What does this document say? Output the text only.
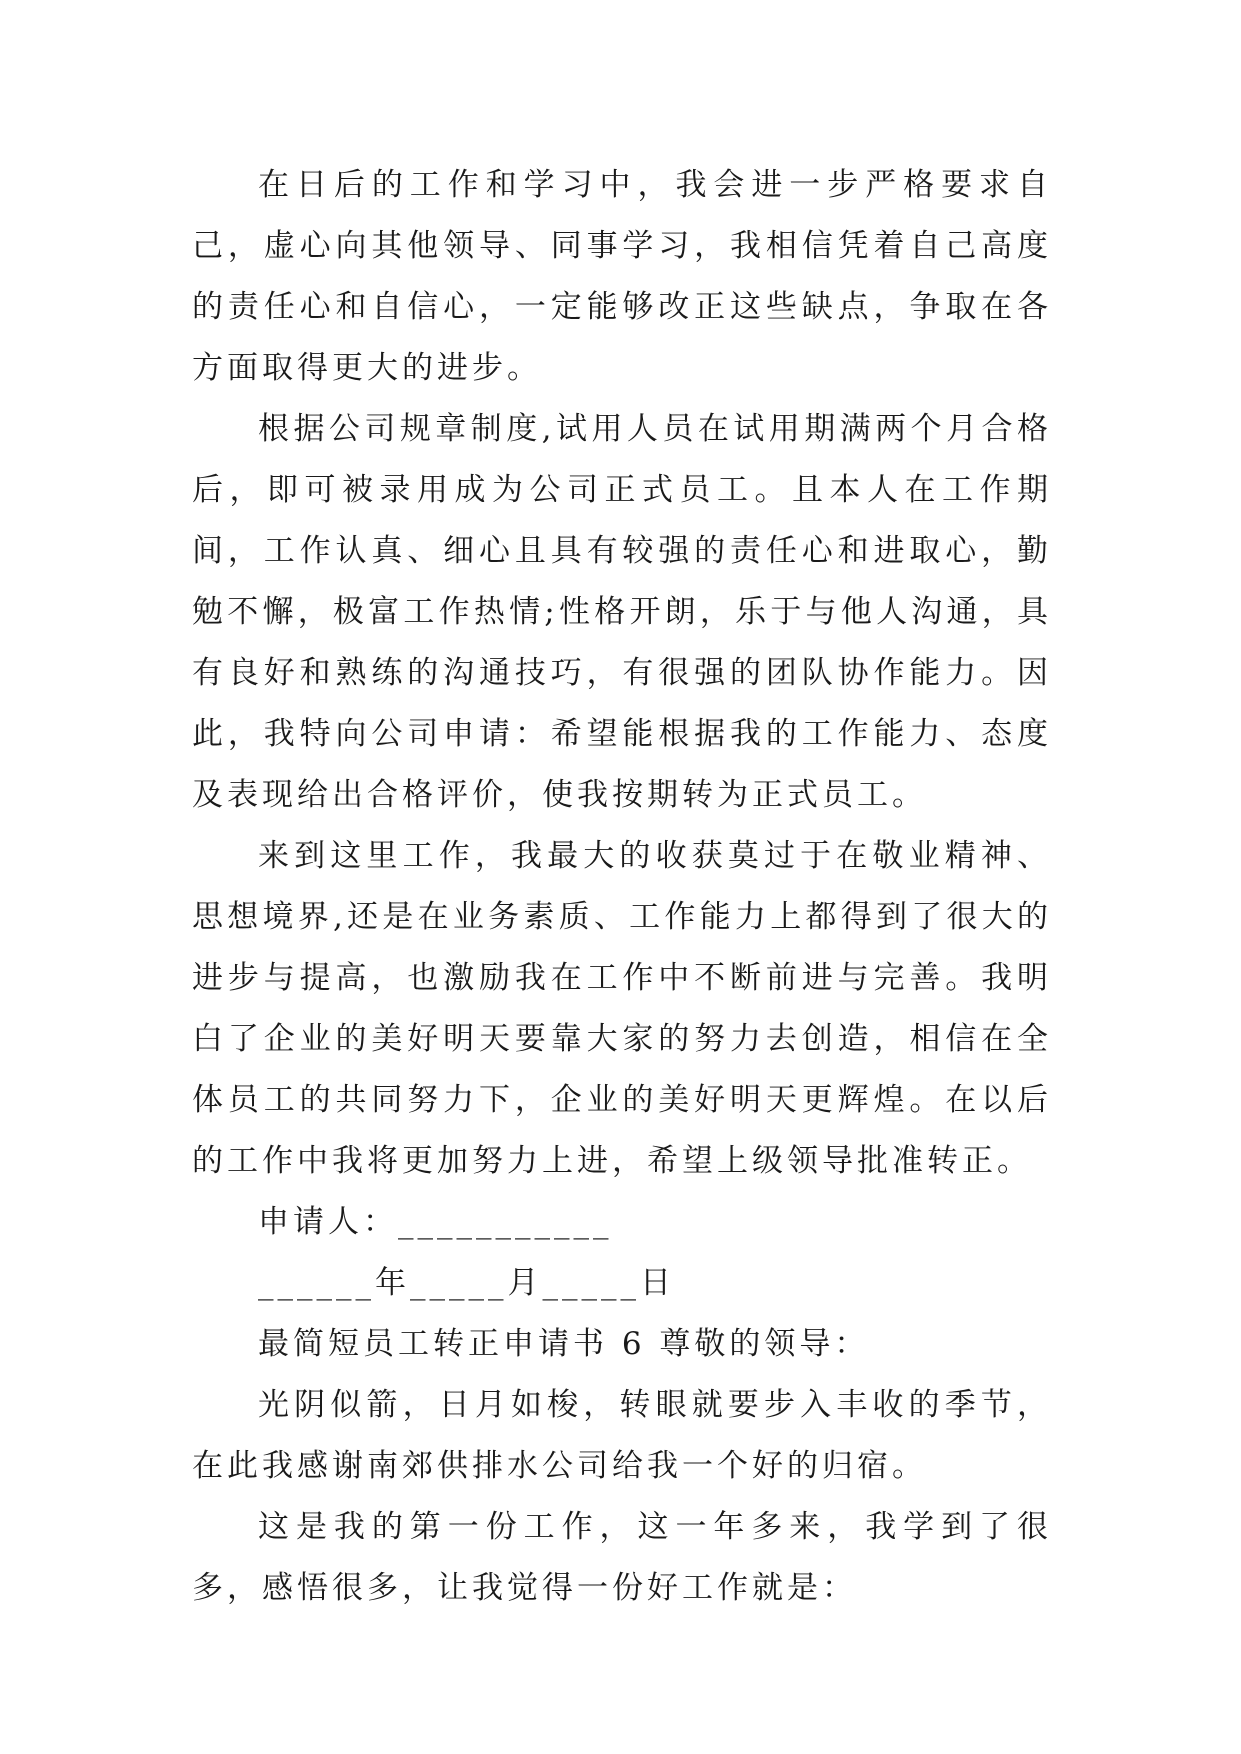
在日后的工作和学习中，我会进一步严格要求自己，虚心向其他领导、同事学习，我相信凭着自己高度的责任心和自信心，一定能够改正这些缺点，争取在各方面取得更大的进步。

根据公司规章制度,试用人员在试用期满两个月合格后，即可被录用成为公司正式员工。且本人在工作期间，工作认真、细心且具有较强的责任心和进取心，勤勉不懈，极富工作热情;性格开朗，乐于与他人沟通，具有良好和熟练的沟通技巧，有很强的团队协作能力。因此，我特向公司申请：希望能根据我的工作能力、态度及表现给出合格评价，使我按期转为正式员工。

来到这里工作，我最大的收获莫过于在敬业精神、思想境界,还是在业务素质、工作能力上都得到了很大的进步与提高，也激励我在工作中不断前进与完善。我明白了企业的美好明天要靠大家的努力去创造，相信在全体员工的共同努力下，企业的美好明天更辉煌。在以后的工作中我将更加努力上进，希望上级领导批准转正。

申请人：___________

______年_____月_____日

最简短员工转正申请书 6 尊敬的领导：

光阴似箭，日月如梭，转眼就要步入丰收的季节，在此我感谢南郊供排水公司给我一个好的归宿。

这是我的第一份工作，这一年多来，我学到了很多，感悟很多，让我觉得一份好工作就是：
